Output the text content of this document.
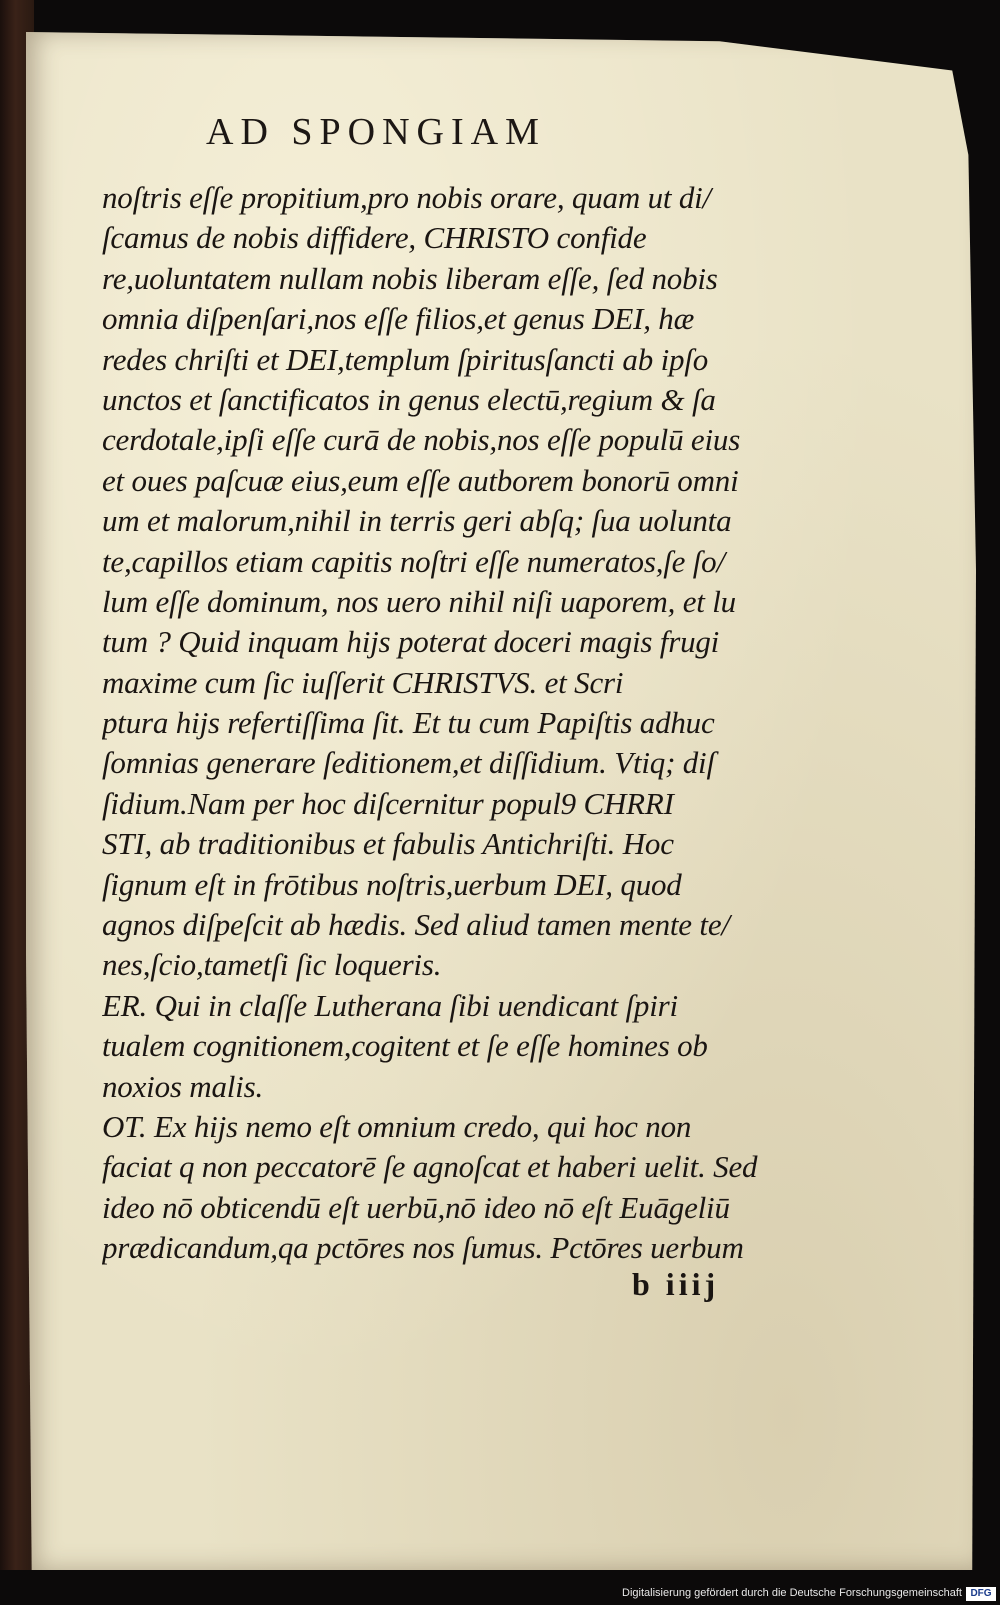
AD SPONGIAM
noſtris eſſe propitium,pro nobis orare, quam ut di/
ſcamus de nobis diffidere, CHRISTO confide
re,uoluntatem nullam nobis liberam eſſe, ſed nobis
omnia diſpenſari,nos eſſe filios,et genus DEI, hæ
redes chriſti et DEI,templum ſpiritusſancti ab ipſo
unctos et ſanctificatos in genus electū,regium & ſa
cerdotale,ipſi eſſe curā de nobis,nos eſſe populū eius
et oues paſcuæ eius,eum eſſe autborem bonorū omni
um et malorum,nihil in terris geri abſq; ſua uolunta
te,capillos etiam capitis noſtri eſſe numeratos,ſe ſo/
lum eſſe dominum, nos uero nihil niſi uaporem, et lu
tum ? Quid inquam hijs poterat doceri magis frugi
maxime cum ſic iuſſerit CHRISTVS. et Scri
ptura hijs refertiſſima ſit. Et tu cum Papiſtis adhuc
ſomnias generare ſeditionem,et diſſidium. Vtiq; diſ
ſidium.Nam per hoc diſcernitur popul9 CHRRI
STI, ab traditionibus et fabulis Antichriſti. Hoc
ſignum eſt in frōtibus noſtris,uerbum DEI, quod
agnos diſpeſcit ab hædis. Sed aliud tamen mente te/
nes,ſcio,tametſi ſic loqueris.
ER. Qui in claſſe Lutherana ſibi uendicant ſpiri
tualem cognitionem,cogitent et ſe eſſe homines ob
noxios malis.
OT. Ex hijs nemo eſt omnium credo, qui hoc non
faciat q non peccatorē ſe agnoſcat et haberi uelit. Sed
ideo nō obticendū eſt uerbū,nō ideo nō eſt Euāgeliū
prædicandum,qa pctōres nos ſumus. Pctōres uerbum
b iiij
Digitalisierung gefördert durch die Deutsche Forschungsgemeinschaft DFG
